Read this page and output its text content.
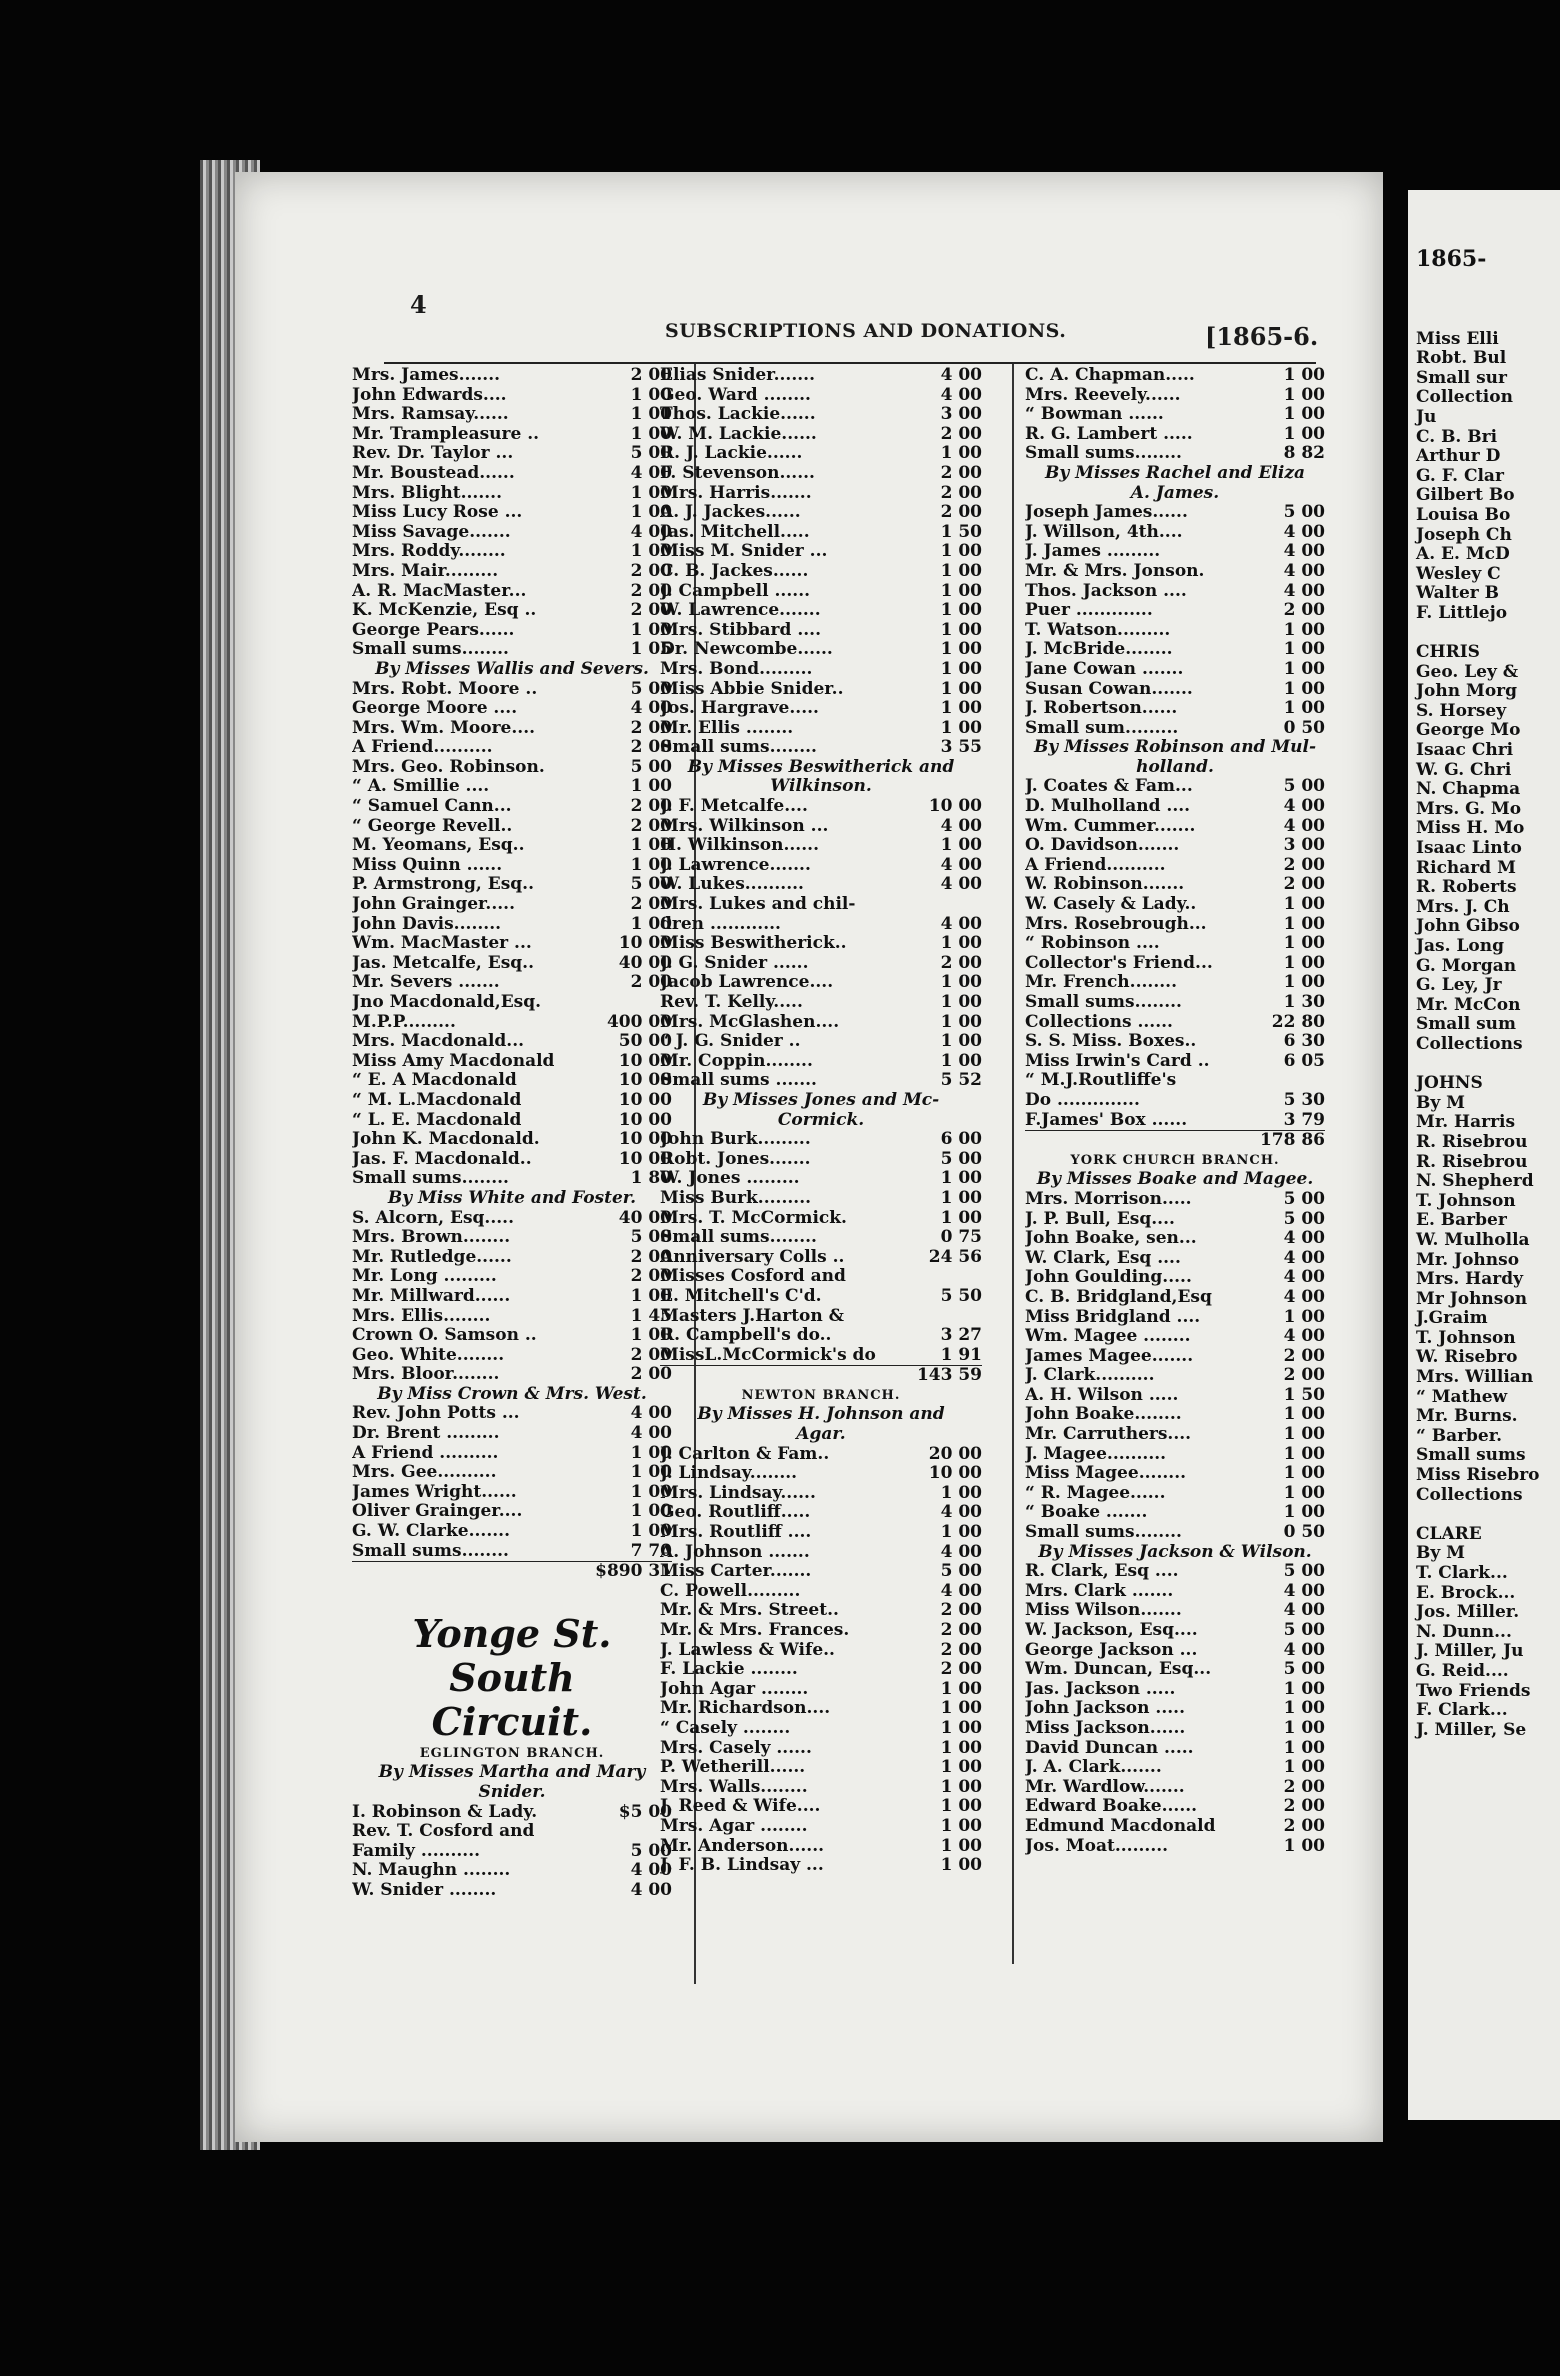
1865-
Miss Elli
Robt. Bul
Small sur
Collection
Ju
C. B. Bri
Arthur D
G. F. Clar
Gilbert Bo
Louisa Bo
Joseph Ch
A. E. McD
Wesley C
Walter B
F. Littlejo
CHRIS
Geo. Ley &
John Morg
S. Horsey
George Mo
Isaac Chri
W. G. Chri
N. Chapma
Mrs. G. Mo
Miss H. Mo
Isaac Linto
Richard M
R. Roberts
Mrs. J. Ch
John Gibso
Jas. Long
G. Morgan
G. Ley, Jr
Mr. McCon
Small sum
Collections
JOHNS
By M
Mr. Harris
R. Risebrou
R. Risebrou
N. Shepherd
T. Johnson
E. Barber
W. Mulholla
Mr. Johnso
Mrs. Hardy
Mr Johnson
J.Graim
T. Johnson
W. Risebro
Mrs. Willian
“ Mathew
Mr. Burns.
“ Barber.
Small sums
Miss Risebro
Collections
CLARE
By M
T. Clark...
E. Brock...
Jos. Miller.
N. Dunn...
J. Miller, Ju
G. Reid....
Two Friends
F. Clark...
J. Miller, Se
4
SUBSCRIPTIONS AND DONATIONS.	[1865-6.
Mrs. James.......	2 00
John Edwards....	1 00
Mrs. Ramsay......	1 00
Mr. Trampleasure ..	1 00
Rev. Dr. Taylor ...	5 00
Mr. Boustead......	4 00
Mrs. Blight.......	1 00
Miss Lucy Rose ...	1 00
Miss Savage.......	4 00
Mrs. Roddy........	1 00
Mrs. Mair.........	2 00
A. R. MacMaster...	2 00
K. McKenzie, Esq ..	2 00
George Pears......	1 00
Small sums........	1 05
By Misses Wallis and Severs.
Mrs. Robt. Moore ..	5 00
George Moore ....	4 00
Mrs. Wm. Moore....	2 00
A Friend..........	2 00
Mrs. Geo. Robinson.	5 00
“ A. Smillie ....	1 00
“ Samuel Cann...	2 00
“ George Revell..	2 00
M. Yeomans, Esq..	1 00
Miss Quinn ......	1 00
P. Armstrong, Esq..	5 00
John Grainger.....	2 00
John Davis........	1 00
Wm. MacMaster ...	10 00
Jas. Metcalfe, Esq..	40 00
Mr. Severs .......	2 00
Jno Macdonald,Esq.
M.P.P.........	400 00
Mrs. Macdonald...	50 00
Miss Amy Macdonald	10 00
“ E. A Macdonald	10 00
“ M. L.Macdonald	10 00
“ L. E. Macdonald	10 00
John K. Macdonald.	10 00
Jas. F. Macdonald..	10 00
Small sums........	1 80
By Miss White and Foster.
S. Alcorn, Esq.....	40 00
Mrs. Brown........	5 00
Mr. Rutledge......	2 00
Mr. Long .........	2 00
Mr. Millward......	1 00
Mrs. Ellis........	1 45
Crown O. Samson ..	1 00
Geo. White........	2 00
Mrs. Bloor........	2 00
By Miss Crown & Mrs. West.
Rev. John Potts ...	4 00
Dr. Brent .........	4 00
A Friend ..........	1 00
Mrs. Gee..........	1 00
James Wright......	1 00
Oliver Grainger....	1 00
G. W. Clarke.......	1 00
Small sums........	7 70
$890 31
Yonge St. South
Circuit.
EGLINGTON BRANCH.
By Misses Martha and Mary
Snider.
I. Robinson & Lady.	$5 00
Rev. T. Cosford and
Family ..........	5 00
N. Maughn ........	4 00
W. Snider ........	4 00
Elias Snider.......	4 00
Geo. Ward ........	4 00
Thos. Lackie......	3 00
W. M. Lackie......	2 00
R. J. Lackie......	1 00
F. Stevenson......	2 00
Mrs. Harris.......	2 00
A. J. Jackes......	2 00
Jas. Mitchell.....	1 50
Miss M. Snider ...	1 00
C. B. Jackes......	1 00
J. Campbell ......	1 00
W. Lawrence.......	1 00
Mrs. Stibbard ....	1 00
Dr. Newcombe......	1 00
Mrs. Bond.........	1 00
Miss Abbie Snider..	1 00
Jos. Hargrave.....	1 00
Mr. Ellis ........	1 00
Small sums........	3 55
By Misses Beswitherick and
Wilkinson.
J. F. Metcalfe....	10 00
Mrs. Wilkinson ...	4 00
H. Wilkinson......	1 00
J. Lawrence.......	4 00
W. Lukes..........	4 00
Mrs. Lukes and chil-
dren ............	4 00
Miss Beswitherick..	1 00
J. G. Snider ......	2 00
Jacob Lawrence....	1 00
Rev. T. Kelly.....	1 00
Mrs. McGlashen....	1 00
“ J. G. Snider ..	1 00
Mr. Coppin........	1 00
Small sums .......	5 52
By Misses Jones and Mc-
Cormick.
John Burk.........	6 00
Robt. Jones.......	5 00
W. Jones .........	1 00
Miss Burk.........	1 00
Mrs. T. McCormick.	1 00
Small sums........	0 75
Anniversary Colls ..	24 56
Misses Cosford and
E. Mitchell's C'd.	5 50
Masters J.Harton &
R. Campbell's do..	3 27
MissL.McCormick's do	1 91
143 59
NEWTON BRANCH.
By Misses H. Johnson and
Agar.
J. Carlton & Fam..	20 00
J. Lindsay........	10 00
Mrs. Lindsay......	1 00
Geo. Routliff.....	4 00
Mrs. Routliff ....	1 00
A. Johnson .......	4 00
Miss Carter.......	5 00
C. Powell.........	4 00
Mr. & Mrs. Street..	2 00
Mr. & Mrs. Frances.	2 00
J. Lawless & Wife..	2 00
F. Lackie ........	2 00
John Agar ........	1 00
Mr. Richardson....	1 00
“ Casely ........	1 00
Mrs. Casely ......	1 00
P. Wetherill......	1 00
Mrs. Walls........	1 00
J. Reed & Wife....	1 00
Mrs. Agar ........	1 00
Mr. Anderson......	1 00
J. F. B. Lindsay ...	1 00
C. A. Chapman.....	1 00
Mrs. Reevely......	1 00
“ Bowman ......	1 00
R. G. Lambert .....	1 00
Small sums........	8 82
By Misses Rachel and Eliza
A. James.
Joseph James......	5 00
J. Willson, 4th....	4 00
J. James .........	4 00
Mr. & Mrs. Jonson.	4 00
Thos. Jackson ....	4 00
Puer .............	2 00
T. Watson.........	1 00
J. McBride........	1 00
Jane Cowan .......	1 00
Susan Cowan.......	1 00
J. Robertson......	1 00
Small sum.........	0 50
By Misses Robinson and Mul-
holland.
J. Coates & Fam...	5 00
D. Mulholland ....	4 00
Wm. Cummer.......	4 00
O. Davidson.......	3 00
A Friend..........	2 00
W. Robinson.......	2 00
W. Casely & Lady..	1 00
Mrs. Rosebrough...	1 00
“ Robinson ....	1 00
Collector's Friend...	1 00
Mr. French........	1 00
Small sums........	1 30
Collections ......	22 80
S. S. Miss. Boxes..	6 30
Miss Irwin's Card ..	6 05
“ M.J.Routliffe's
Do ..............	5 30
F.James' Box ......	3 79
178 86
YORK CHURCH BRANCH.
By Misses Boake and Magee.
Mrs. Morrison.....	5 00
J. P. Bull, Esq....	5 00
John Boake, sen...	4 00
W. Clark, Esq ....	4 00
John Goulding.....	4 00
C. B. Bridgland,Esq	4 00
Miss Bridgland ....	1 00
Wm. Magee ........	4 00
James Magee.......	2 00
J. Clark..........	2 00
A. H. Wilson .....	1 50
John Boake........	1 00
Mr. Carruthers....	1 00
J. Magee..........	1 00
Miss Magee........	1 00
“ R. Magee......	1 00
“ Boake .......	1 00
Small sums........	0 50
By Misses Jackson & Wilson.
R. Clark, Esq ....	5 00
Mrs. Clark .......	4 00
Miss Wilson.......	4 00
W. Jackson, Esq....	5 00
George Jackson ...	4 00
Wm. Duncan, Esq...	5 00
Jas. Jackson .....	1 00
John Jackson .....	1 00
Miss Jackson......	1 00
David Duncan .....	1 00
J. A. Clark.......	1 00
Mr. Wardlow.......	2 00
Edward Boake......	2 00
Edmund Macdonald	2 00
Jos. Moat.........	1 00
